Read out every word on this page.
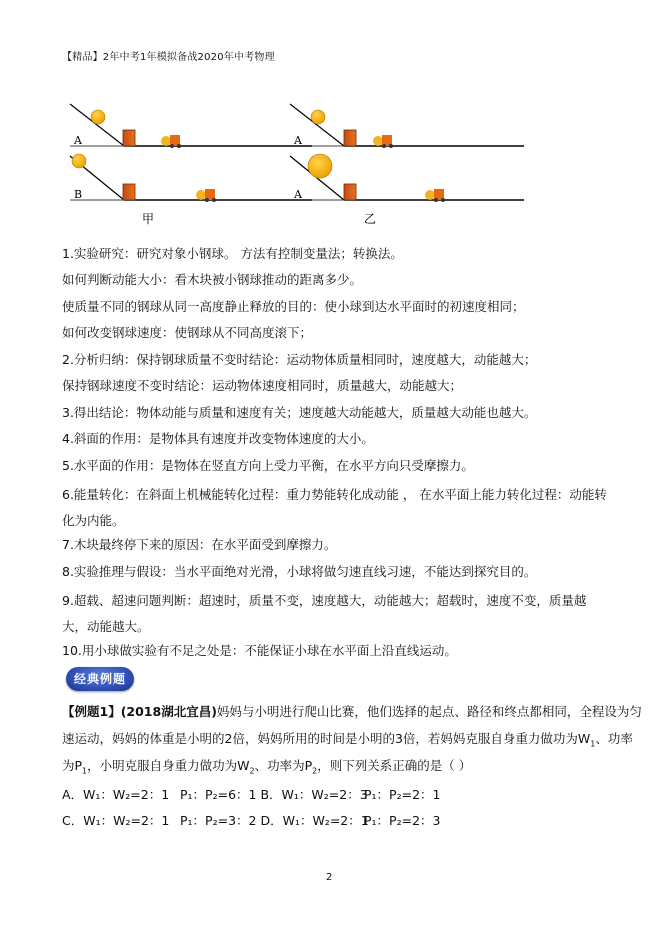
【精品】2年中考1年模拟备战2020年中考物理
A
B
甲
A
A
乙
1.实验研究：研究对象小钢球。 方法有控制变量法；转换法。
如何判断动能大小：看木块被小钢球推动的距离多少。
使质量不同的钢球从同一高度静止释放的目的：使小球到达水平面时的初速度相同；
如何改变钢球速度：使钢球从不同高度滚下；
2.分析归纳：保持钢球质量不变时结论：运动物体质量相同时，速度越大，动能越大；
保持钢球速度不变时结论：运动物体速度相同时，质量越大，动能越大；
3.得出结论：物体动能与质量和速度有关；速度越大动能越大，质量越大动能也越大。
4.斜面的作用：是物体具有速度并改变物体速度的大小。
5.水平面的作用：是物体在竖直方向上受力平衡，在水平方向只受摩擦力。
6.能量转化：在斜面上机械能转化过程：重力势能转化成动能 ， 在水平面上能力转化过程：动能转化为内能。
7.木块最终停下来的原因：在水平面受到摩擦力。
8.实验推理与假设：当水平面绝对光滑，小球将做匀速直线习速，不能达到探究目的。
9.超载、超速问题判断：超速时，质量不变，速度越大，动能越大；超载时，速度不变，质量越大，动能越大。
10.用小球做实验有不足之处是：不能保证小球在水平面上沿直线运动。
经典例题
【例题1】(2018湖北宜昌)妈妈与小明进行爬山比赛，他们选择的起点、路径和终点都相同，全程设为匀
速运动，妈妈的体重是小明的2倍，妈妈所用的时间是小明的3倍，若妈妈克服自身重力做功为$W_1$、功率
为$P_1$，小明克服自身重力做功为$W_2$、功率为$P_2$，则下列关系正确的是（ ）
A．W₁：W₂=2：1 P₁：P₂=6：1 B．W₁：W₂=2：3
P₁：P₂=2：1
C．W₁：W₂=2：1 P₁：P₂=3：2 D．W₁：W₂=2：1
P₁：P₂=2：3
2
